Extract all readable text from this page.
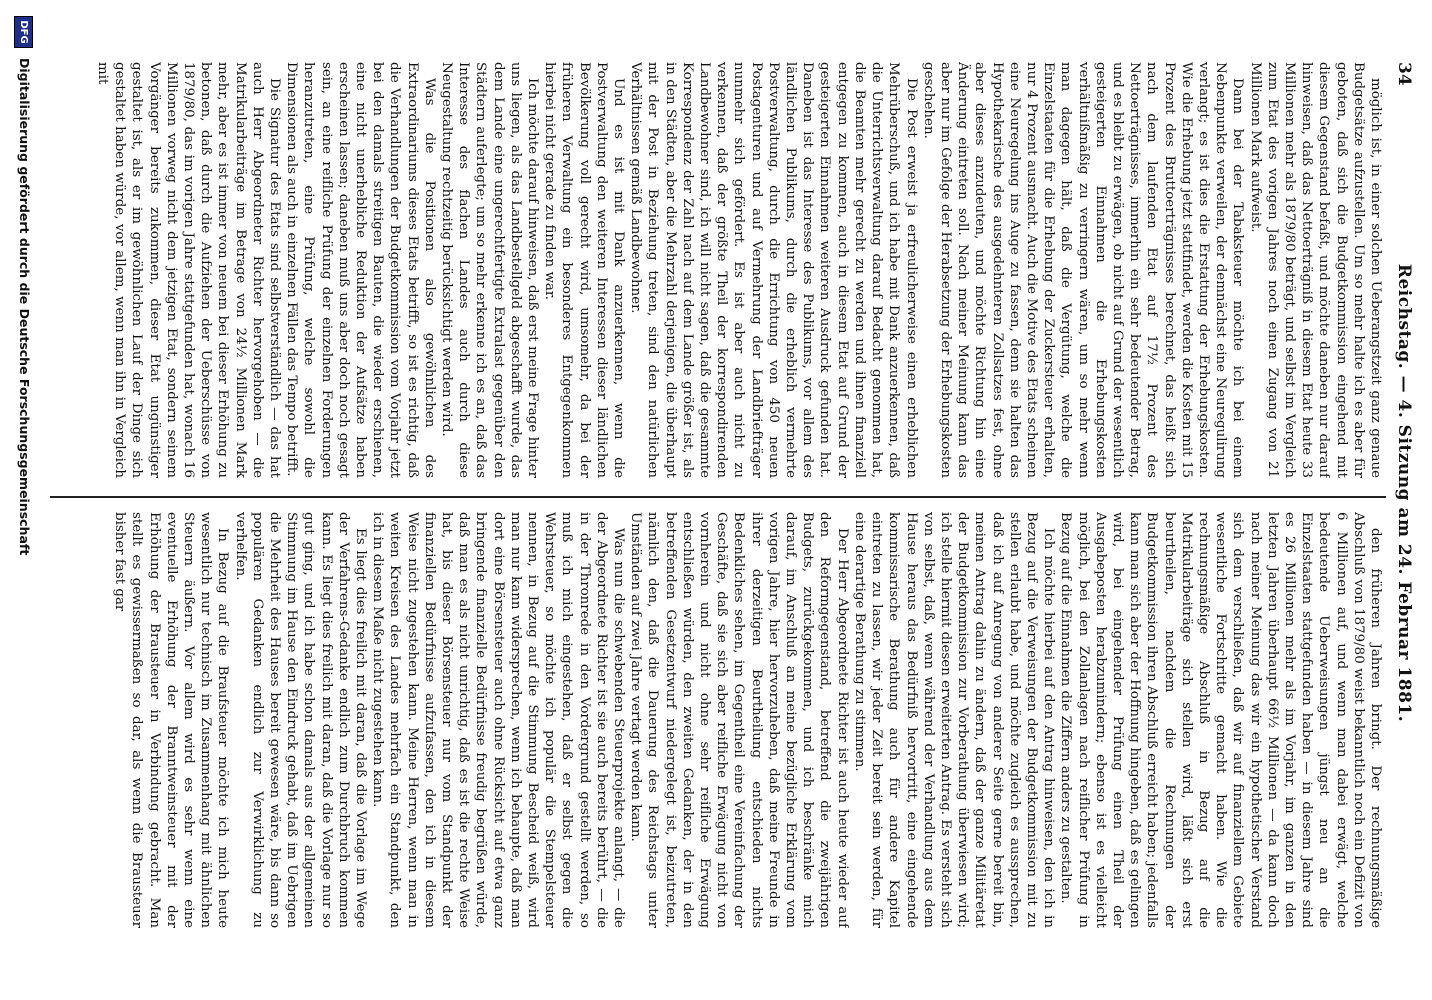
34
Reichstag. — 4. Sitzung am 24. Februar 1881.

möglich ist, in einer solchen Ueberangstzeit ganz genaue Budgetsätze aufzustellen. Um so mehr halte ich es aber für geboten, daß sich die Budgetkommission eingehend mit diesem Gegenstand befaßt, und möchte daneben nur darauf hinweisen, daß das Nettoerträgniß in diesem Etat heute 33 Millionen mehr als 1879/80 beträgt, und selbst im Vergleich zum Etat des vorigen Jahres noch einen Zugang von 21 Millionen Mark aufweist.

Dann bei der Tabaksteuer möchte ich bei einem Nebenpunkte verweilen, der demnächst eine Neuregulirung verlangt; es ist dies die Erstattung der Erhebungskosten. Wie die Erhebung jetzt stattfindet, werden die Kosten mit 15 Prozent des Bruttoerträgnisses berechnet, das heißt sich nach dem laufenden Etat auf 17½ Prozent des Nettoerträgnisses, immerhin ein sehr bedeutender Betrag, und es bleibt zu erwägen, ob nicht auf Grund der wesentlich gesteigerten Einnahmen die Erhebungskosten verhältnißmäßig zu verringern wären, um so mehr wenn man dagegen hält, daß die Vergütung, welche die Einzelstaaten für die Erhebung der Zuckersteuer erhalten, nur 4 Prozent ausmacht. Auch die Motive des Etats scheinen eine Neuregelung ins Auge zu fassen, denn sie halten das Hypothekarische des ausgedehnteren Zollsatzes fest, ohne aber dieses anzudeuten, und möchte Richtung hin eine Änderung eintreten soll. Nach meiner Meinung kann das aber nur im Gefolge der Herabsetzung der Erhebungskosten geschehen.

Die Post erweist ja erfreulicherweise einen erheblichen Mehrüberschuß, und ich habe mit Dank anzuerkennen, daß die Unterrichtsverwaltung darauf Bedacht genommen hat, die Beamten mehr gerecht zu werden und ihnen finanziell entgegen zu kommen, auch in diesem Etat auf Grund der gesteigerten Einnahmen weiteren Ausdruck gefunden hat. Daneben ist das Interesse des Publikums, vor allem des ländlichen Publikums, durch die erheblich vermehrte Postverwaltung, durch die Errichtung von 450 neuen Postagenturen und auf Vermehrung der Landbriefträger nunmehr sich gefördert. Es ist aber auch nicht zu verkennen, daß der größte Theil der korrespondirenden Landbewohner sind, ich will nicht sagen, daß die gesammte Korrespondenz der Zahl nach auf dem Lande größer ist, als in den Städten, aber die Mehrzahl derjenigen, die überhaupt mit der Post in Beziehung treten, sind den natürlichen Verhältnissen gemäß Landbewohner.

Und es ist mit Dank anzuerkennen, wenn die Postverwaltung den weiteren Interessen dieser ländlichen Bevölkerung voll gerecht wird, umsomehr, da bei der früheren Verwaltung ein besonderes Entgegenkommen hierbei nicht gerade zu finden war.

Ich möchte darauf hinweisen, daß erst meine Frage hinter uns liegen, als das Landbestellgeld abgeschafft wurde, das dem Lande eine ungerechtfertigte Extralast gegenüber den Städtern auferlegte; um so mehr erkenne ich es an, daß das Interesse des flachen Landes auch durch diese Neugestaltung rechtzeitig berücksichtigt werden wird.

Was die Positionen also gewöhnlichen des Extraordinariums dieses Etats betrifft, so ist es richtig, daß die Verhandlungen der Budgetkommission vom Vorjahr jetzt bei den damals streitigen Bauten, die wieder erschienen, eine nicht unerhebliche Reduktion der Aufsätze haben erscheinen lassen; daneben muß uns aber doch noch gesagt sein, an eine reifliche Prüfung der einzelnen Forderungen heranzutreten, eine Prüfung, welche sowohl die Dimensionen als auch in einzelnen Fällen das Tempo betrifft.

Die Signatur des Etats sind selbstverständlich — das hat auch Herr Abgeordneter Richter hervorgehoben — die Matrikularbeiträge im Betrage von 24½ Millionen Mark mehr, aber es ist immer von neuem bei dieser Erhöhung zu betonen, daß durch die Aufziehen der Ueberschüsse von 1879/80, das im vorigen Jahre stattgefunden hat, wonach 16 Millionen vorweg nicht dem jetzigen Etat, sondern seinem Vorgänger bereits zukommen, dieser Etat ungünstiger gestaltet ist, als er im gewöhnlichen Lauf der Dinge sich gestaltet haben würde, vor allem, wenn man ihn in Vergleich mit

den früheren Jahren bringt. Der rechnungsmäßige Abschluß von 1879/80 weist bekanntlich noch ein Defizit von 6 Millionen auf, und wenn man dabei erwägt, welche bedeutende Ueberweisungen jüngst neu an die Einzelstaaten stattgefunden haben — in diesem Jahre sind es 26 Millionen mehr als im Vorjahr, im ganzen in den letzten Jahren überhaupt 66½ Millionen — da kann doch nach meiner Meinung das wir ein hypothetischer Verstand sich dem verschließen, daß wir auf finanziellem Gebiete wesentliche Fortschritte gemacht haben. Wie die rechnungsmäßige Abschluß in Bezug auf die Matrikularbeiträge sich stellen wird, läßt sich erst beurtheilen, nachdem die Rechnungen der Budgetkommission ihren Abschluß erreicht haben; jedenfalls kann man sich aber der Hoffnung hingeben, daß es gelingen wird, bei eingehender Prüfung einen Theil der Ausgabeposten herabzumindern; ebenso ist es vielleicht möglich, bei den Zollanlagen nach reiflicher Prüfung in Bezug auf die Einnahmen die Ziffern anders zu gestalten.

Ich möchte hierbei auf den Antrag hinweisen, den ich in Bezug auf die Verweisungen der Budgetkommission mit zu stellen erlaubt habe, und möchte zugleich es aussprechen, daß ich auf Anregung von anderer Seite gerne bereit bin, meinen Antrag dahin zu ändern, daß der ganze Militäretat der Budgetkommission zur Vorberathung überwiesen wird; ich stelle hiermit diesen erweiterten Antrag. Es versteht sich von selbst, daß, wenn während der Verhandlung aus dem Hause heraus das Bedürfniß hervortritt, eine eingehende kommissarische Berathung auch für andere Kapitel eintreten zu lassen, wir jeder Zeit bereit sein werden, für eine derartige Berathung zu stimmen.

Der Herr Abgeordnete Richter ist auch heute wieder auf den Reformgegenstand, betreffend die zweijährigen Budgets, zurückgekommen, und ich beschränke mich darauf, im Anschluß an meine bezügliche Erklärung vom vorigen Jahre, hier hervorzuheben, daß meine Freunde in ihrer derzeitigen Beurtheilung entschieden nichts Bedenkliches sehen, im Gegentheil eine Vereinfachung der Geschäfte, daß sie sich aber reifliche Erwägung nicht von vornherein und nicht ohne sehr reifliche Erwägung entschließen würden, den zweiten Gedanken, der in den betreffenden Gesetzentwurf niedergelegt ist, beizutreten, nämlich den, daß die Dauerung des Reichstags unter Umständen auf zwei Jahre vertagt werden kann.

Was nun die schwebenden Steuerprojekte anlangt, — die der Abgeordnete Richter ist sie auch bereits berührt, — die in der Thronrede in den Vordergrund gestellt werden, so muß ich mich eingestehen, daß er selbst gegen die Wehrsteuer, so möchte ich populär die Stempelsteuer nennen, in Bezug auf die Stimmung Bescheid weiß, wird man nur kann widersprechen, wenn ich behaupte, daß man dort eine Börsensteuer auch ohne Rücksicht auf etwa ganz bringende finanzielle Bedürfnisse freudig begrüßen würde, daß man es als nicht unrichtig, daß es ist die rechte Weise hat, bis dieser Börsensteuer nur vom Standpunkt der finanziellen Bedürfnisse aufzufassen, den ich in diesem Weise nicht zugestehen kann. Meine Herren, wenn man in weiten Kreisen des Landes mehrfach ein Standpunkt, den ich in diesem Maße nicht zugestehen kann.

Es liegt dies freilich mit daran, daß die Vorlage im Wege der Verfahrens-Gedanke endlich zum Durchbruch kommen kann. Es liegt dies freilich mit daran, daß die Vorlage nur so gut ging, und ich habe schon damals aus der allgemeinen Stimmung im Hause den Eindruck gehabt, daß im Uebrigen die Mehrheit des Hauses bereit gewesen wäre, bis dann so populären Gedanken endlich zur Verwirklichung zu verhelfen.

In Bezug auf die Braufsteuer möchte ich mich heute wesentlich nur technisch im Zusammenhang mit ähnlichen Steuern äußern. Vor allem wird es sehr wenn eine eventuelle Erhöhung der Branntweinsteuer mit der Erhöhung der Brausteuer in Verbindung gebracht. Man stellt es gewissermaßen so dar, als wenn die Brausteuer bisher fast gar

DFG
Digitalisierung gefördert durch die Deutsche Forschungsgemeinschaft
